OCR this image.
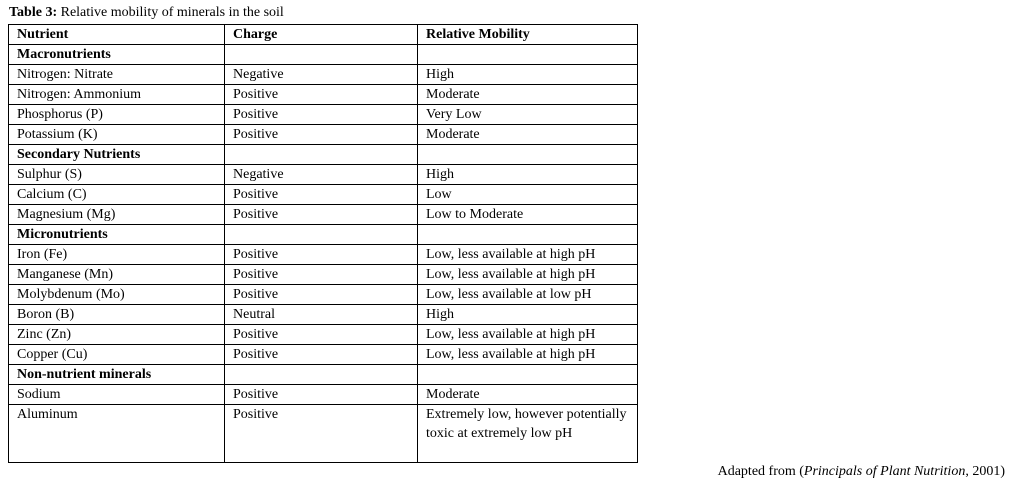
Table 3: Relative mobility of minerals in the soil
Nutrient	Charge	Relative Mobility
Macronutrients		
Nitrogen: Nitrate	Negative	High
Nitrogen: Ammonium	Positive	Moderate
Phosphorus (P)	Positive	Very Low
Potassium (K)	Positive	Moderate
Secondary Nutrients		
Sulphur (S)	Negative	High
Calcium (C)	Positive	Low
Magnesium (Mg)	Positive	Low to Moderate
Micronutrients		
Iron (Fe)	Positive	Low, less available at high pH
Manganese (Mn)	Positive	Low, less available at high pH
Molybdenum (Mo)	Positive	Low, less available at low pH
Boron (B)	Neutral	High
Zinc (Zn)	Positive	Low, less available at high pH
Copper (Cu)	Positive	Low, less available at high pH
Non-nutrient minerals		
Sodium	Positive	Moderate
Aluminum	Positive	Extremely low, however potentially toxic at extremely low pH
Adapted from (Principals of Plant Nutrition, 2001)
